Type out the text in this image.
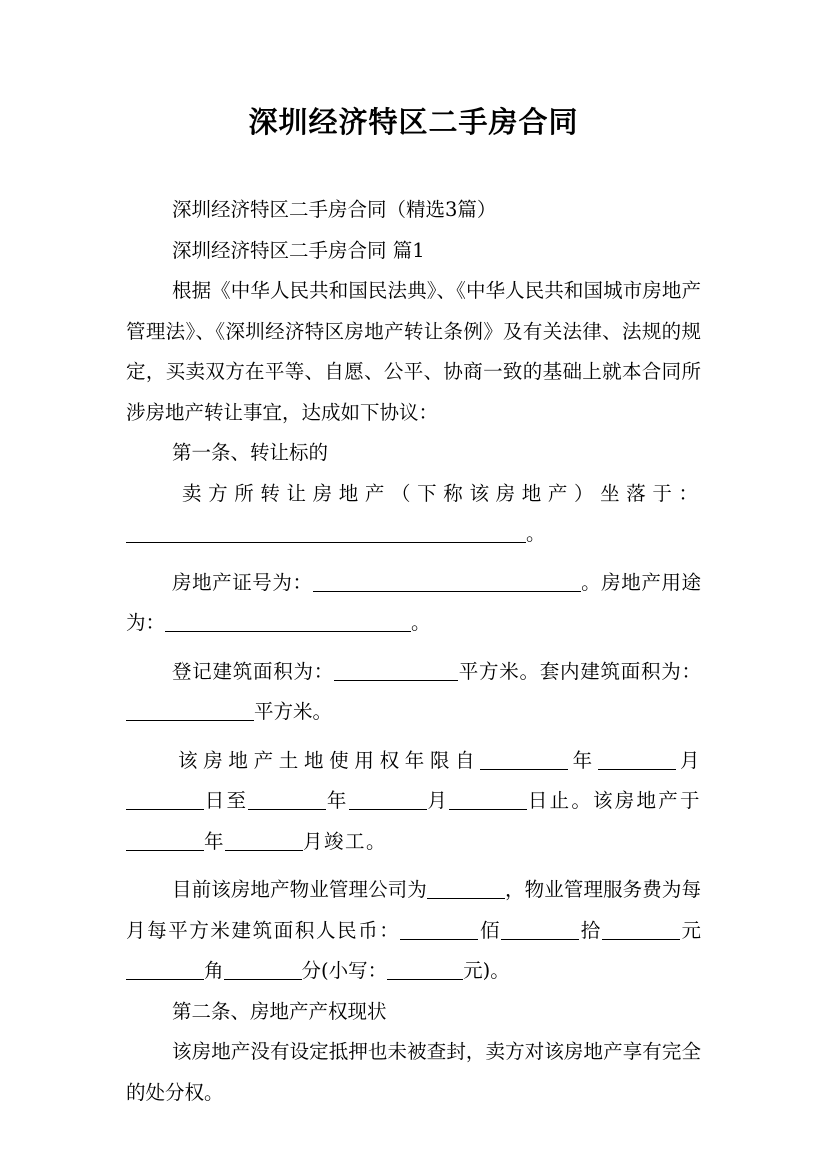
深圳经济特区二手房合同

深圳经济特区二手房合同（精选3篇）

深圳经济特区二手房合同 篇1

根据《中华人民共和国民法典》、《中华人民共和国城市房地产管理法》、《深圳经济特区房地产转让条例》及有关法律、法规的规定，买卖双方在平等、自愿、公平、协商一致的基础上就本合同所涉房地产转让事宜，达成如下协议：

第一条、转让标的

卖方所转让房地产（下称该房地产）坐落于：

。

房地产证号为：	。房地产用途为：	。

登记建筑面积为：	平方米。套内建筑面积为：平方米。

该房地产土地使用权年限自	年	月日至	年	月	日止。该房地产于年	月竣工。

目前该房地产物业管理公司为	，物业管理服务费为每月每平方米建筑面积人民币：	佰	拾	元角	分(小写：	元)。

第二条、房地产产权现状

该房地产没有设定抵押也未被查封，卖方对该房地产享有完全的处分权。
